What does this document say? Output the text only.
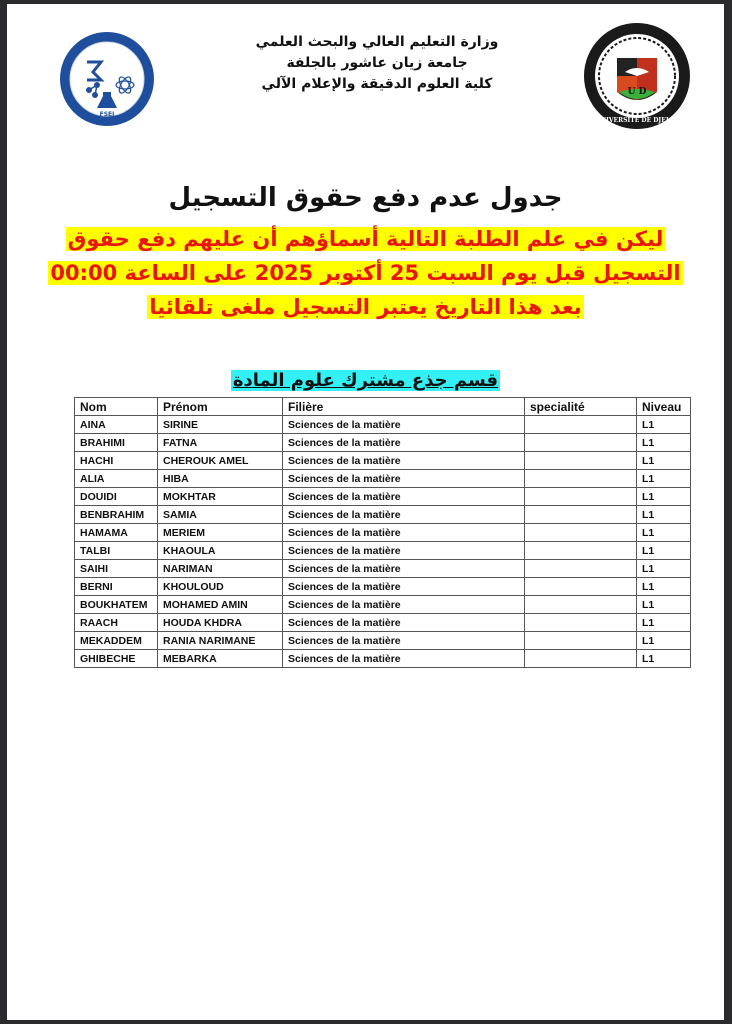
FSEI
وزارة التعليم العالي والبحث العلمي
جامعة زيان عاشور بالجلفة
كلية العلوم الدقيقة والإعلام الآلي	U D
UNIVERSITÉ DE DJELFA
جدول عدم دفع حقوق التسجيل
ليكن في علم الطلبة التالية أسماؤهم أن عليهم دفع حقوق
التسجيل قبل يوم السبت 25 أكتوبر 2025 على الساعة 00:00
بعد هذا التاريخ يعتبر التسجيل ملغى تلقائيا
قسم جذع مشترك علوم المادة
Nom	Prénom	Filière	specialité	Niveau
AINA	SIRINE	Sciences de la matière		L1
BRAHIMI	FATNA	Sciences de la matière		L1
HACHI	CHEROUK AMEL	Sciences de la matière		L1
ALIA	HIBA	Sciences de la matière		L1
DOUIDI	MOKHTAR	Sciences de la matière		L1
BENBRAHIM	SAMIA	Sciences de la matière		L1
HAMAMA	MERIEM	Sciences de la matière		L1
TALBI	KHAOULA	Sciences de la matière		L1
SAIHI	NARIMAN	Sciences de la matière		L1
BERNI	KHOULOUD	Sciences de la matière		L1
BOUKHATEM	MOHAMED AMIN	Sciences de la matière		L1
RAACH	HOUDA KHDRA	Sciences de la matière		L1
MEKADDEM	RANIA NARIMANE	Sciences de la matière		L1
GHIBECHE	MEBARKA	Sciences de la matière		L1
